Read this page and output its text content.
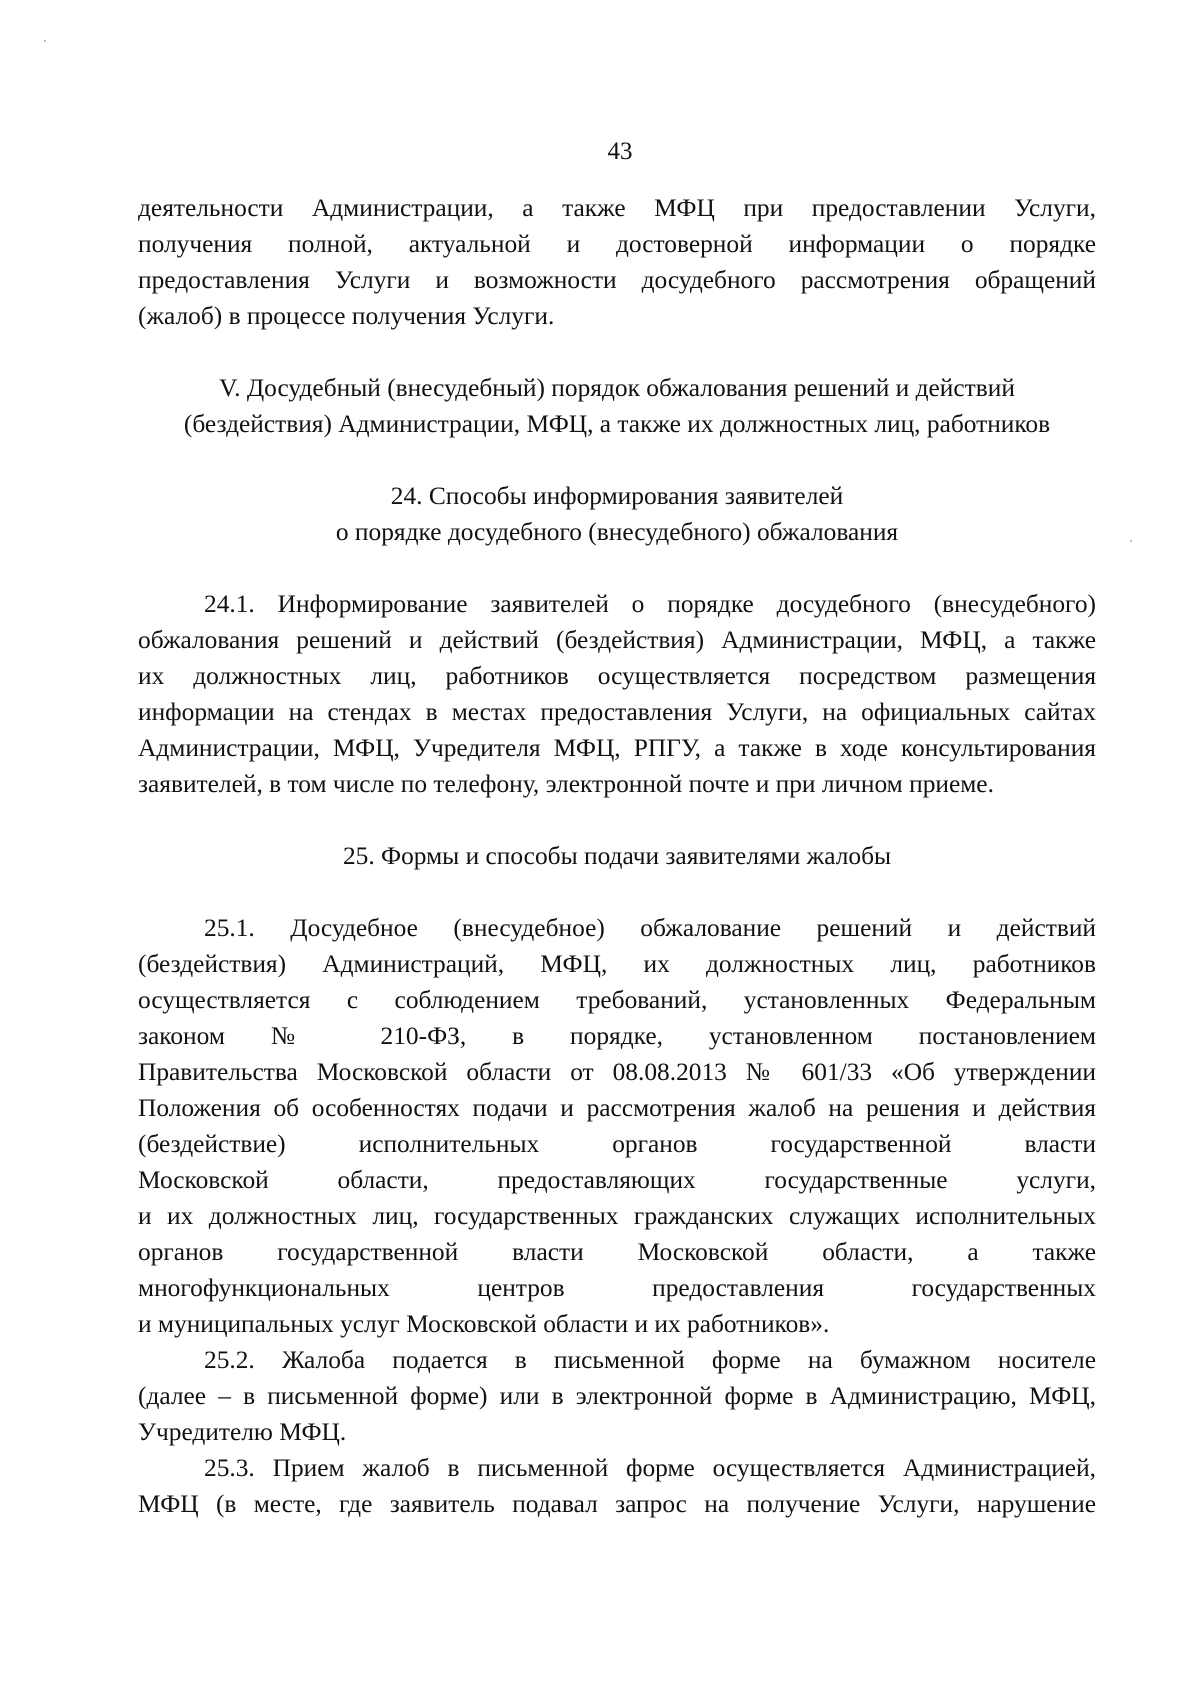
43
деятельности Администрации, а также МФЦ при предоставлении Услуги,
получения полной, актуальной и достоверной информации о порядке
предоставления Услуги и возможности досудебного рассмотрения обращений
(жалоб) в процессе получения Услуги.
V. Досудебный (внесудебный) порядок обжалования решений и действий
(бездействия) Администрации, МФЦ, а также их должностных лиц, работников
24. Способы информирования заявителей
о порядке досудебного (внесудебного) обжалования
24.1. Информирование заявителей о порядке досудебного (внесудебного)
обжалования решений и действий (бездействия) Администрации, МФЦ, а также
их должностных лиц, работников осуществляется посредством размещения
информации на стендах в местах предоставления Услуги, на официальных сайтах
Администрации, МФЦ, Учредителя МФЦ, РПГУ, а также в ходе консультирования
заявителей, в том числе по телефону, электронной почте и при личном приеме.
25. Формы и способы подачи заявителями жалобы
25.1. Досудебное (внесудебное) обжалование решений и действий
(бездействия) Администраций, МФЦ, их должностных лиц, работников
осуществляется с соблюдением требований, установленных Федеральным
законом № 210-ФЗ, в порядке, установленном постановлением
Правительства Московской области от 08.08.2013 № 601/33 «Об утверждении
Положения об особенностях подачи и рассмотрения жалоб на решения и действия
(бездействие) исполнительных органов государственной власти
Московской области, предоставляющих государственные услуги,
и их должностных лиц, государственных гражданских служащих исполнительных
органов государственной власти Московской области, а также
многофункциональных центров предоставления государственных
и муниципальных услуг Московской области и их работников».
25.2. Жалоба подается в письменной форме на бумажном носителе
(далее – в письменной форме) или в электронной форме в Администрацию, МФЦ,
Учредителю МФЦ.
25.3. Прием жалоб в письменной форме осуществляется Администрацией,
МФЦ (в месте, где заявитель подавал запрос на получение Услуги, нарушение
